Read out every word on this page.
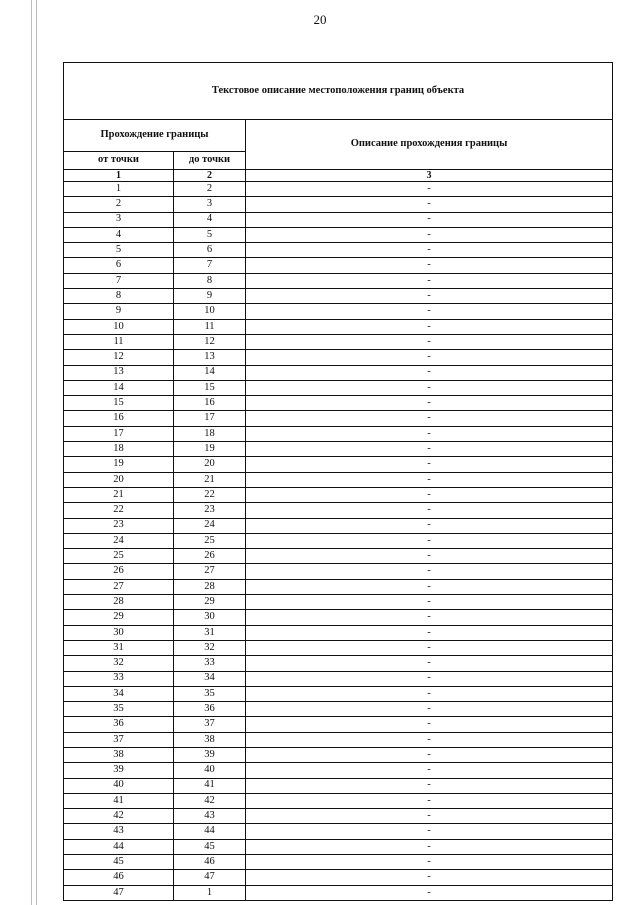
20
Текстовое описание местоположения границ объекта		
Прохождение границы		Описание прохождения границы
от точки	до точки	
1	2	3
1	2	-
2	3	-
3	4	-
4	5	-
5	6	-
6	7	-
7	8	-
8	9	-
9	10	-
10	11	-
11	12	-
12	13	-
13	14	-
14	15	-
15	16	-
16	17	-
17	18	-
18	19	-
19	20	-
20	21	-
21	22	-
22	23	-
23	24	-
24	25	-
25	26	-
26	27	-
27	28	-
28	29	-
29	30	-
30	31	-
31	32	-
32	33	-
33	34	-
34	35	-
35	36	-
36	37	-
37	38	-
38	39	-
39	40	-
40	41	-
41	42	-
42	43	-
43	44	-
44	45	-
45	46	-
46	47	-
47	1	-
